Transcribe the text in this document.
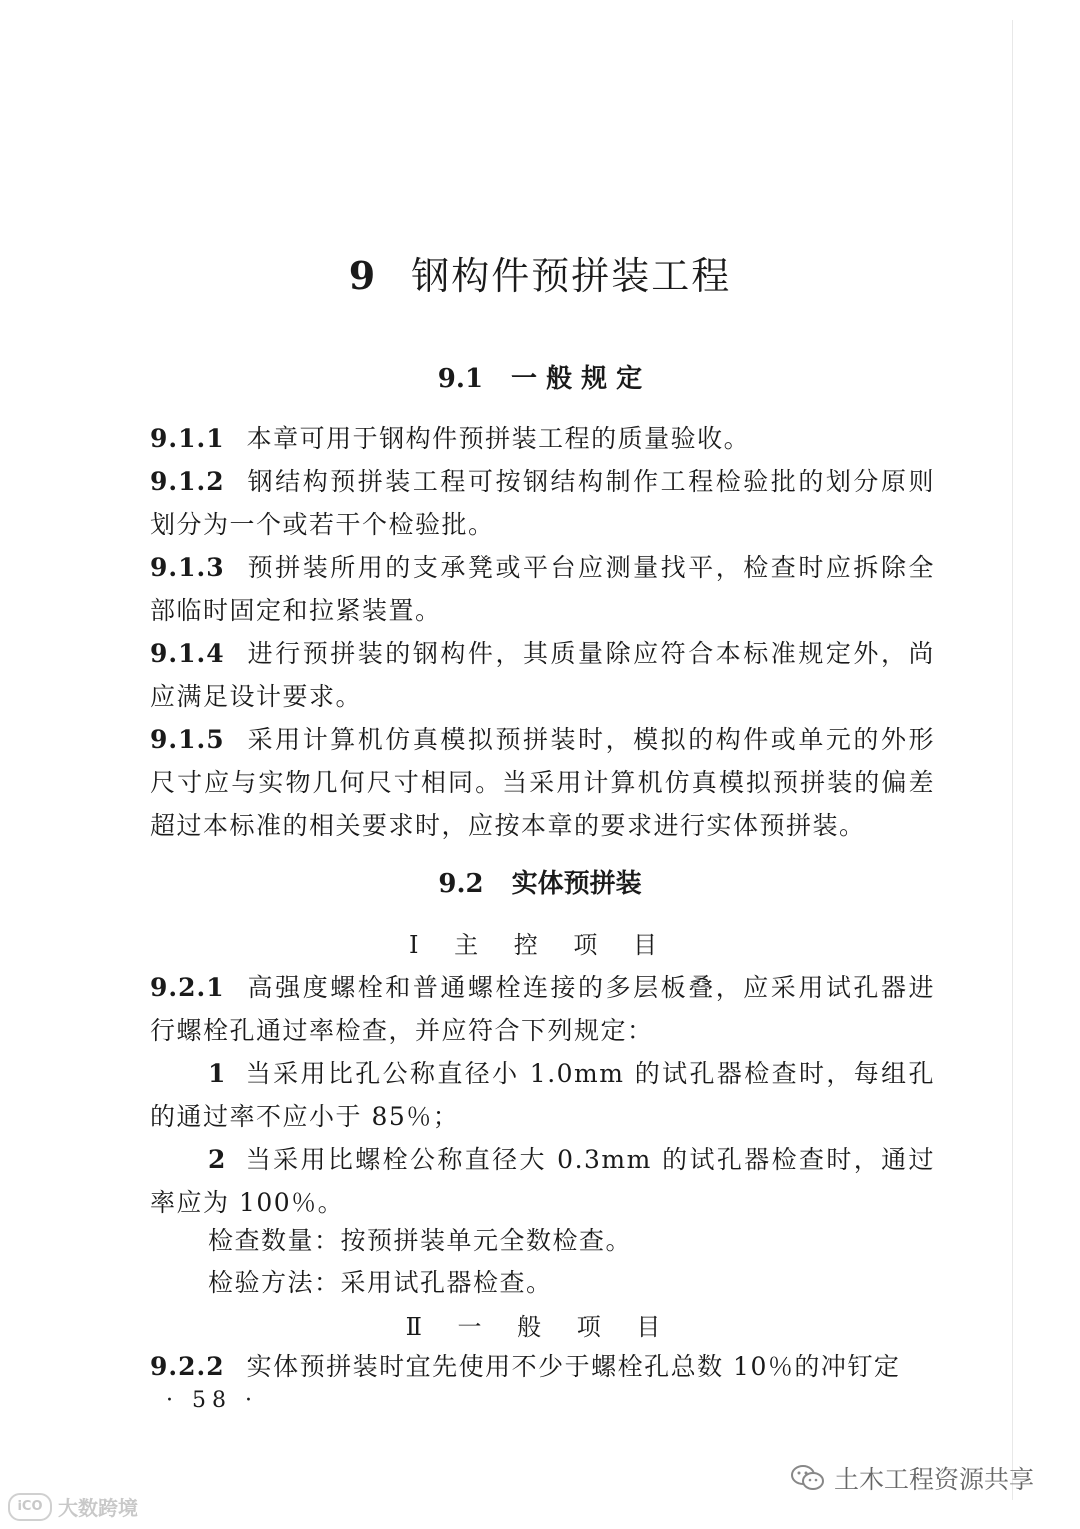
9 钢构件预拼装工程
9.1 一 般 规 定

9.1.1 本章可用于钢构件预拼装工程的质量验收。

9.1.2 钢结构预拼装工程可按钢结构制作工程检验批的划分原则划分为一个或若干个检验批。

9.1.3 预拼装所用的支承凳或平台应测量找平，检查时应拆除全部临时固定和拉紧装置。

9.1.4 进行预拼装的钢构件，其质量除应符合本标准规定外，尚应满足设计要求。

9.1.5 采用计算机仿真模拟预拼装时，模拟的构件或单元的外形尺寸应与实物几何尺寸相同。当采用计算机仿真模拟预拼装的偏差超过本标准的相关要求时，应按本章的要求进行实体预拼装。

9.2 实体预拼装
Ⅰ 主 控 项 目

9.2.1 高强度螺栓和普通螺栓连接的多层板叠，应采用试孔器进行螺栓孔通过率检查，并应符合下列规定：

1 当采用比孔公称直径小 1.0mm 的试孔器检查时，每组孔的通过率不应小于 85％；

2 当采用比螺栓公称直径大 0.3mm 的试孔器检查时，通过率应为 100％。

检查数量：按预拼装单元全数检查。

检验方法：采用试孔器检查。

Ⅱ 一 般 项 目

9.2.2 实体预拼装时宜先使用不少于螺栓孔总数 10％的冲钉定

· 58 ·
iCO 大数跨境
土木工程资源共享
